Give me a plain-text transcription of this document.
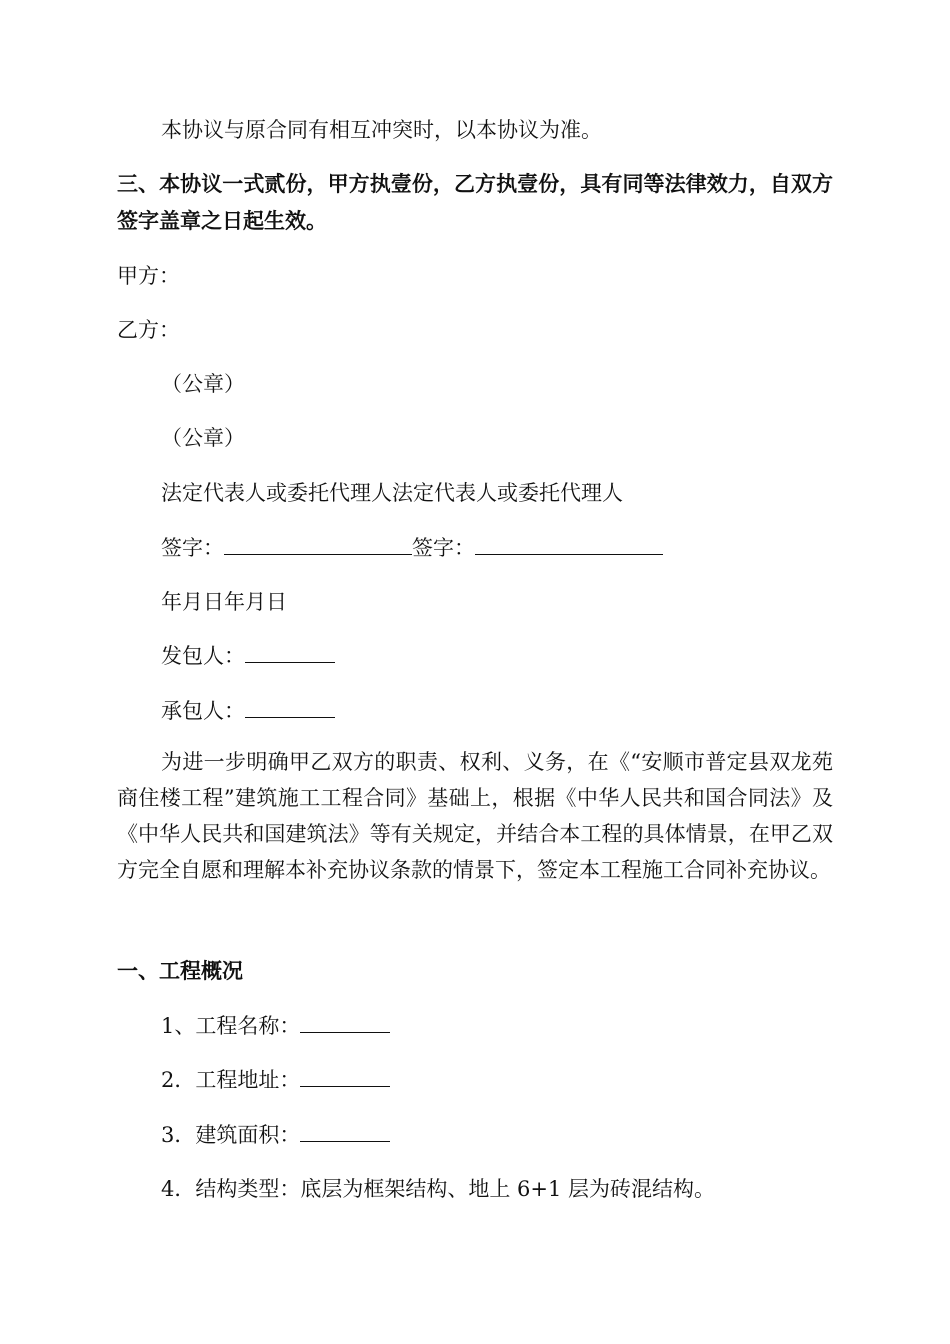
本协议与原合同有相互冲突时，以本协议为准。
三、本协议一式贰份，甲方执壹份，乙方执壹份，具有同等法律效力，自双方签字盖章之日起生效。
甲方：
乙方：
（公章）
（公章）
法定代表人或委托代理人法定代表人或委托代理人
签字：	签字：
年月日年月日
发包人：
承包人：
为进一步明确甲乙双方的职责、权利、义务，在《“安顺市普定县双龙苑商住楼工程”建筑施工工程合同》基础上，根据《中华人民共和国合同法》及《中华人民共和国建筑法》等有关规定，并结合本工程的具体情景，在甲乙双方完全自愿和理解本补充协议条款的情景下，签定本工程施工合同补充协议。
一、工程概况
1、工程名称：
2．工程地址：
3．建筑面积：
4．结构类型：底层为框架结构、地上 6+1 层为砖混结构。
